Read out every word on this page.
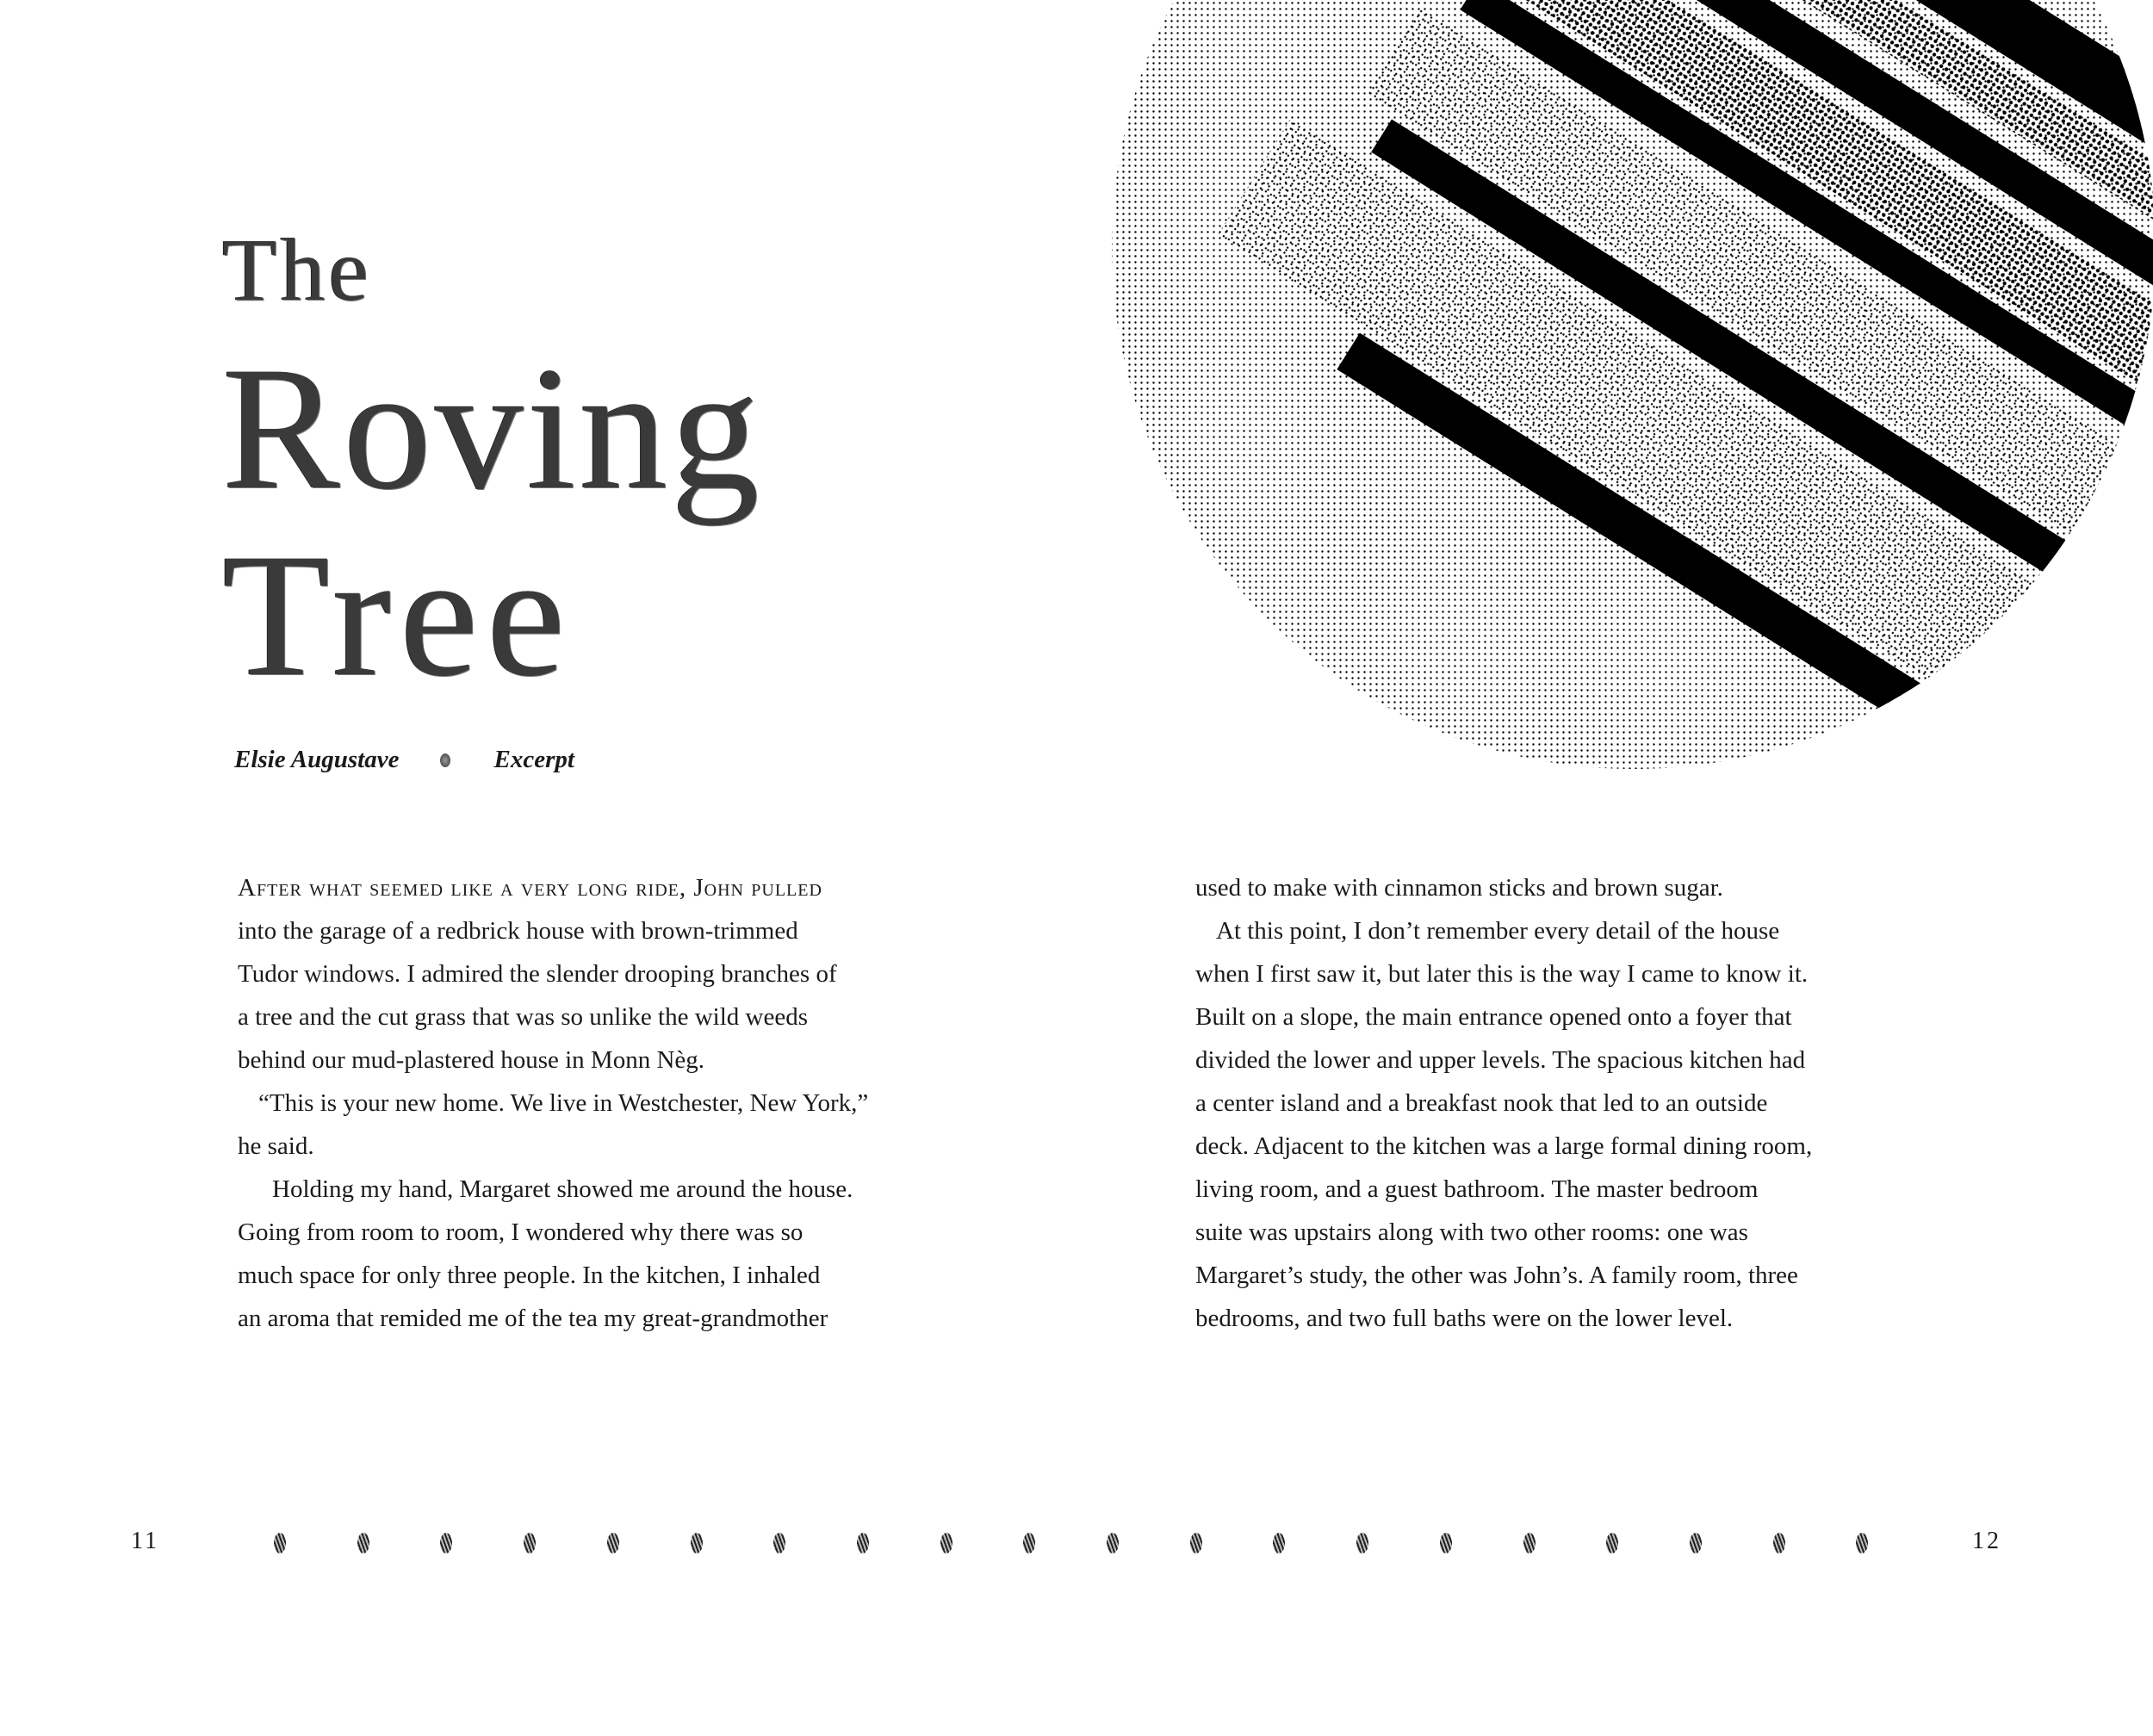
The
Roving
Tree
Elsie Augustave	Excerpt
After what seemed like a very long ride, John pulled
into the garage of a redbrick house with brown-trimmed
Tudor windows. I admired the slender drooping branches of
a tree and the cut grass that was so unlike the wild weeds
behind our mud-plastered house in Monn Nèg.
“This is your new home. We live in Westchester, New York,”
he said.
Holding my hand, Margaret showed me around the house.
Going from room to room, I wondered why there was so
much space for only three people. In the kitchen, I inhaled
an aroma that remided me of the tea my great-grandmother
used to make with cinnamon sticks and brown sugar.
At this point, I don’t remember every detail of the house
when I first saw it, but later this is the way I came to know it.
Built on a slope, the main entrance opened onto a foyer that
divided the lower and upper levels. The spacious kitchen had
a center island and a breakfast nook that led to an outside
deck. Adjacent to the kitchen was a large formal dining room,
living room, and a guest bathroom. The master bedroom
suite was upstairs along with two other rooms: one was
Margaret’s study, the other was John’s. A family room, three
bedrooms, and two full baths were on the lower level.
11	12
